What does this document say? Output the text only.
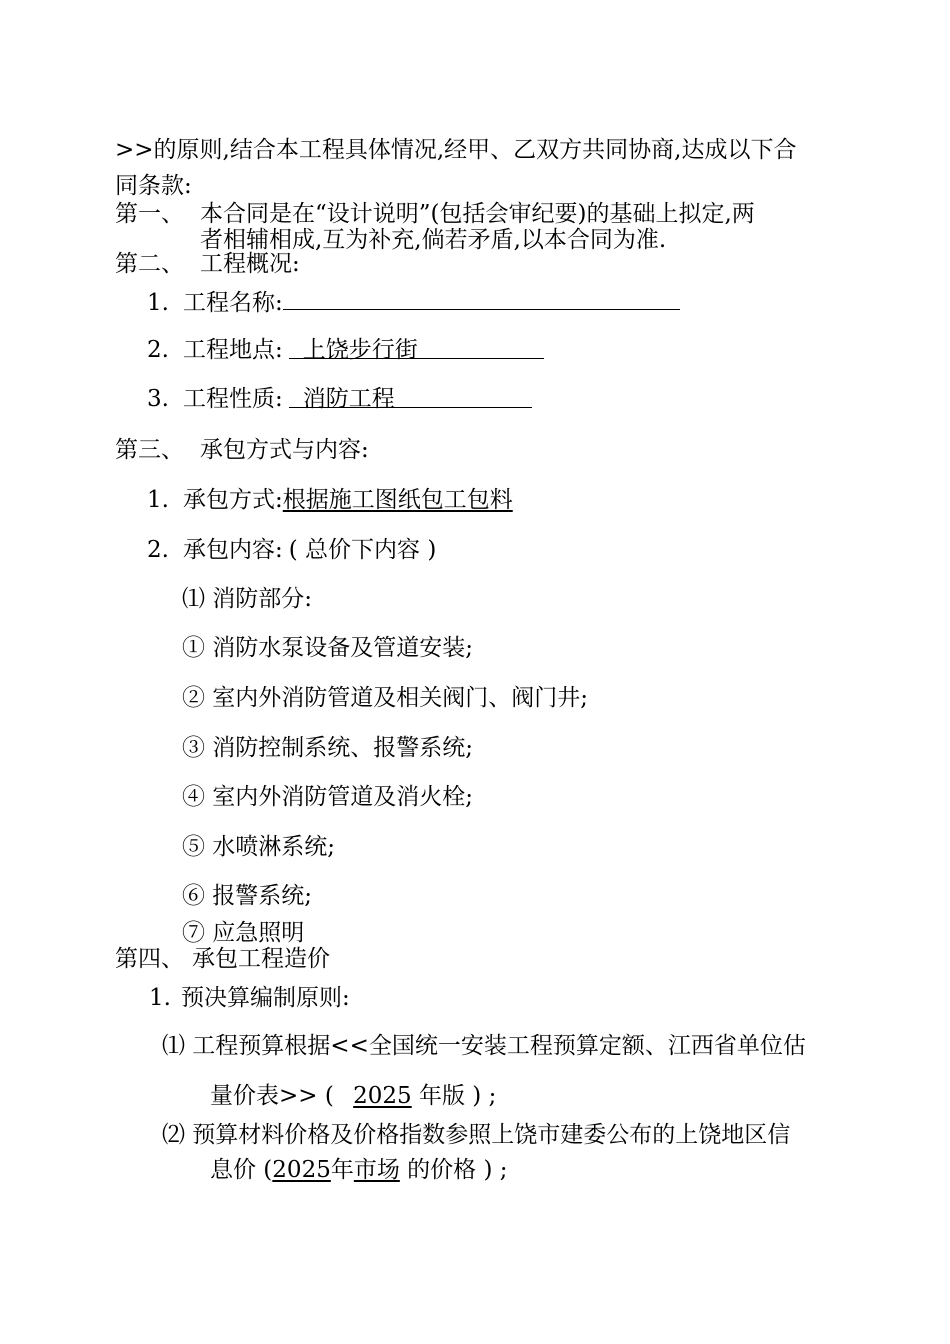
>>的原则,结合本工程具体情况,经甲、乙双方共同协商,达成以下合
同条款:
第一、 本合同是在“设计说明”(包括会审纪要)的基础上拟定,两
者相辅相成,互为补充,倘若矛盾,以本合同为准.
第二、 工程概况:
1. 工程名称:
2. 工程地点: 上饶步行街
3. 工程性质: 消防工程
第三、 承包方式与内容:
1. 承包方式:根据施工图纸包工包料
2. 承包内容: ( 总价下内容 )
⑴ 消防部分:
① 消防水泵设备及管道安装;
② 室内外消防管道及相关阀门、阀门井;
③ 消防控制系统、报警系统;
④ 室内外消防管道及消火栓;
⑤ 水喷淋系统;
⑥ 报警系统;
⑦ 应急照明
第四、 承包工程造价
1. 预决算编制原则:
⑴ 工程预算根据<<全国统一安装工程预算定额、江西省单位估
量价表>> ( 2025 年版 ) ;
⑵ 预算材料价格及价格指数参照上饶市建委公布的上饶地区信
息价 (2025年市场 的价格 ) ;
